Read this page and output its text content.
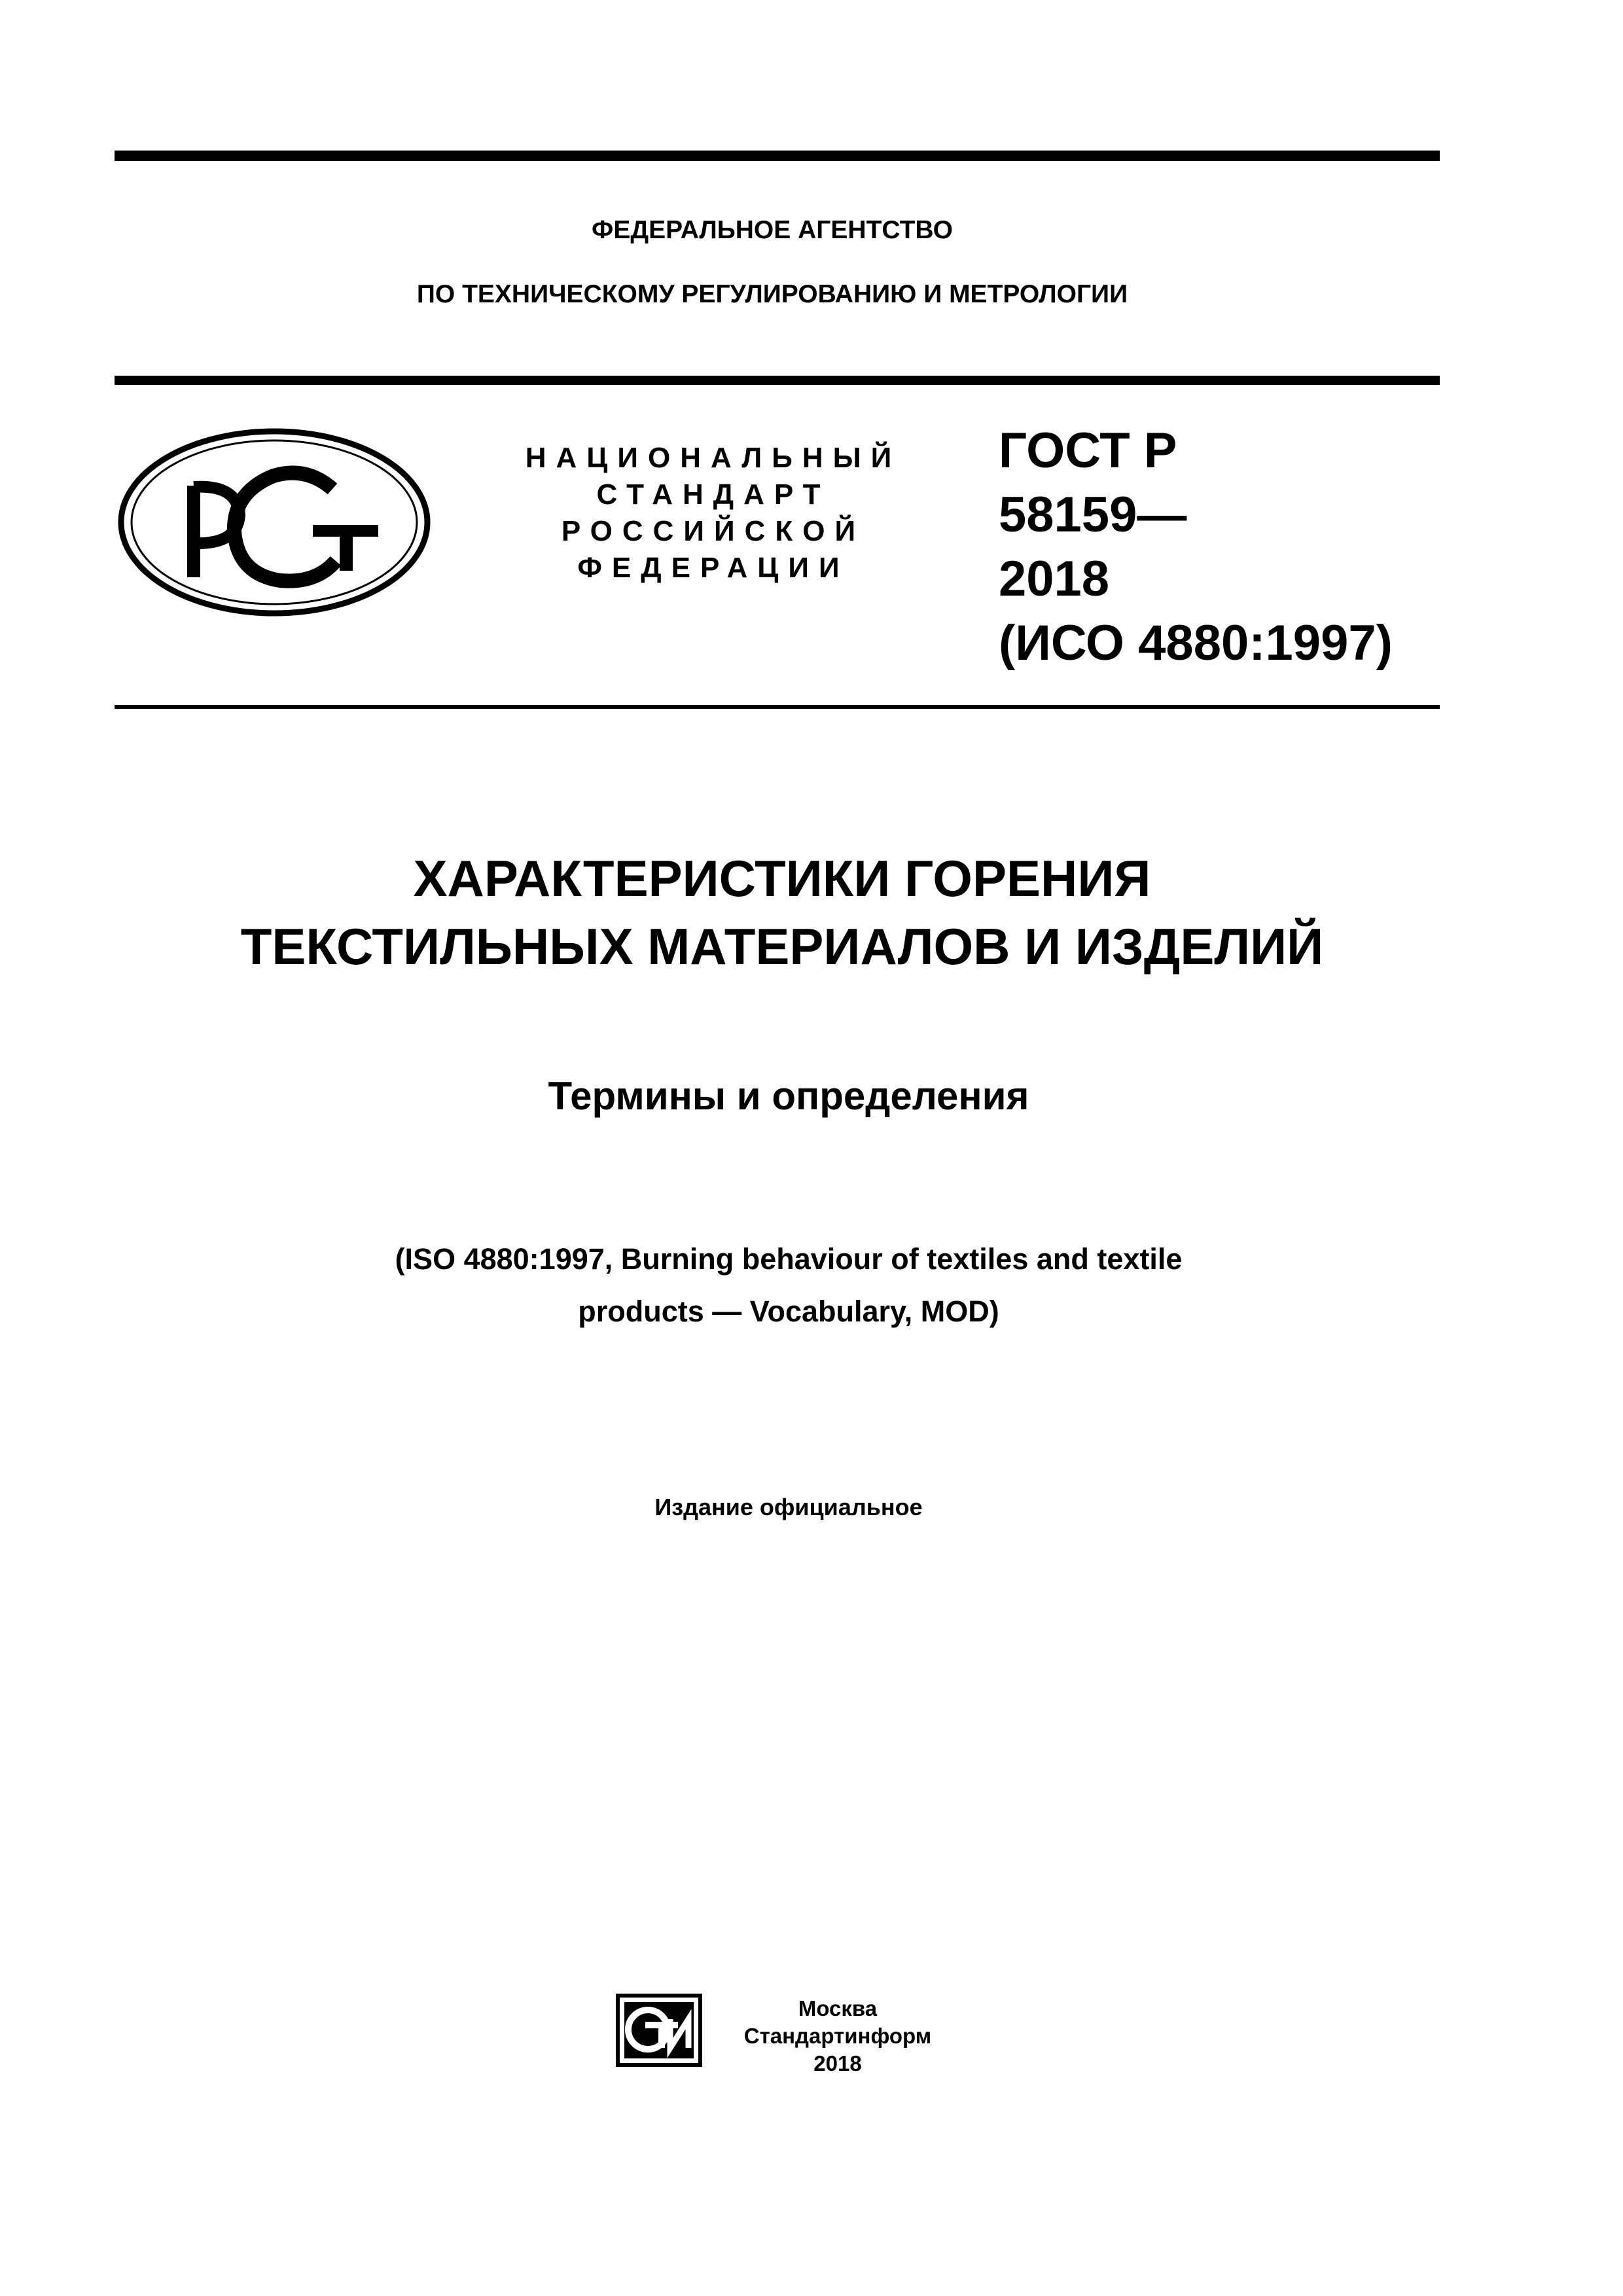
ФЕДЕРАЛЬНОЕ АГЕНТСТВО
ПО ТЕХНИЧЕСКОМУ РЕГУЛИРОВАНИЮ И МЕТРОЛОГИИ
НАЦИОНАЛЬНЫЙ
СТАНДАРТ
РОССИЙСКОЙ
ФЕДЕРАЦИИ
ГОСТ Р
58159—
2018
(ИСО 4880:1997)
ХАРАКТЕРИСТИКИ ГОРЕНИЯ
ТЕКСТИЛЬНЫХ МАТЕРИАЛОВ И ИЗДЕЛИЙ
Термины и определения
(ISO 4880:1997, Burning behaviour of textiles and textile
products — Vocabulary, MOD)
Издание официальное
Москва
Стандартинформ
2018
